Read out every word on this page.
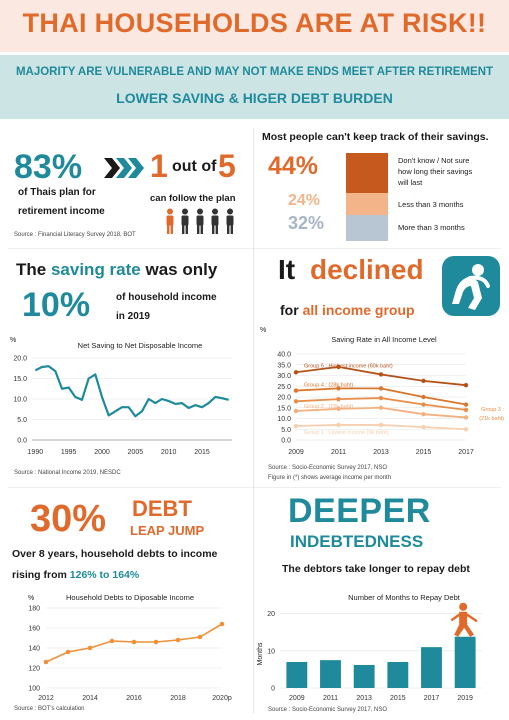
THAI HOUSEHOLDS ARE AT RISK!!
MAJORITY ARE VULNERABLE AND MAY NOT MAKE ENDS MEET AFTER RETIREMENT
LOWER SAVING & HIGER DEBT BURDEN
83%
of Thais plan for
retirement income
1 out of 5
can follow the plan
Source : Financial Literacy Survey 2018, BOT
Most people can't keep track of their savings.
44%
24%
32%
Don't know / Not sure
how long their savings
will last
Less than 3 months
More than 3 months
The saving rate was only
10%	of household income
in 2019
%
Net Saving to Net Disposable Income
0.0
5.0
10.0
15.0
20.0
1990	1995	2000	2005	2010	2015
Source : National Income 2019, NESDC
It declined
for all income group
%
Saving Rate in All Income Level
0.0
5.0
10.0
15.0
20.0
25.0
30.0
35.0
40.0
2009	2011	2013	2015	2017
Group 5 : Highest income (60k baht)
Group 4 : (28k baht)
Group 2 : (15k baht)
Group 1 : Lowest income (9k baht)
Group 3 :
(21k baht)
Source : Socio-Economic Survey 2017, NSO
Figure in (*) shows average income per month
30% DEBT
LEAP JUMP
Over 8 years, household debts to income
rising from 126% to 164%
%	Household Debts to Diposable Income
100
120
140
160
180
2012	2014	2016	2018	2020p
Source : BOT's calculation
DEEPER
INDEBTEDNESS
The debtors take longer to repay debt
Number of Months to Repay Debt
Months
0
10
20
2009	2011	2013	2015	2017	2019
Source : Socio-Economic Survey 2017, NSO
